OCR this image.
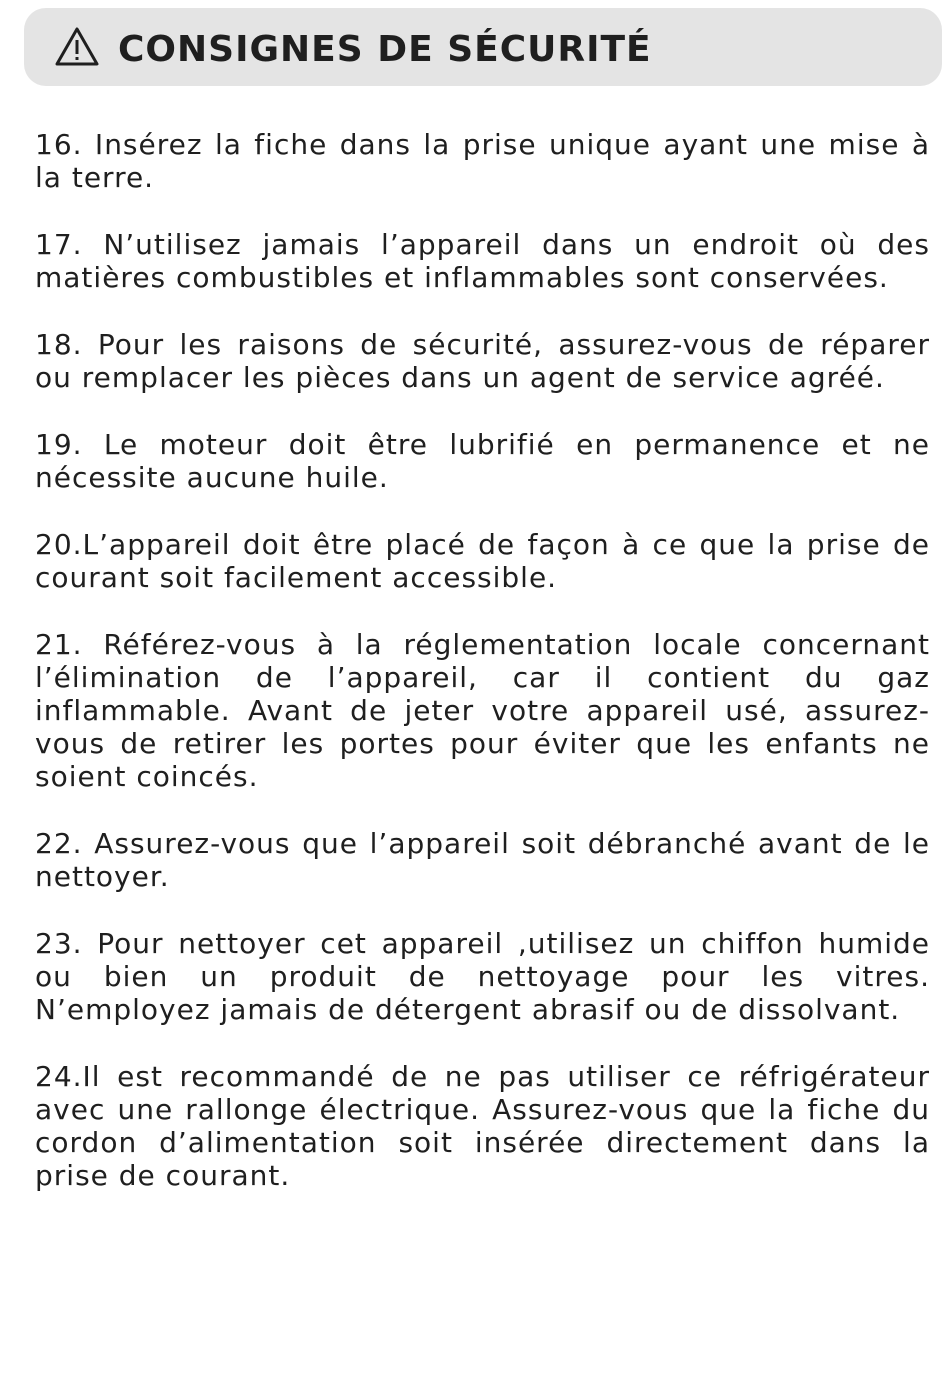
CONSIGNES DE SÉCURITÉ

16. Insérez la fiche dans la prise unique ayant une mise à la terre.

17. N’utilisez jamais l’appareil dans un endroit où des matières combustibles et inflammables sont conservées.

18. Pour les raisons de sécurité, assurez-vous de réparer ou remplacer les pièces dans un agent de service agréé.

19. Le moteur doit être lubrifié en permanence et ne nécessite aucune huile.

20.L’appareil doit être placé de façon à ce que la prise de courant soit facilement accessible.

21. Référez-vous à la réglementation locale concernant l’élimination de l’appareil, car il contient du gaz inflammable. Avant de jeter votre appareil usé, assurez-vous de retirer les portes pour éviter que les enfants ne soient coincés.

22. Assurez-vous que l’appareil soit débranché avant de le nettoyer.

23. Pour nettoyer cet appareil ,utilisez un chiffon humide ou bien un produit de nettoyage pour les vitres. N’employez jamais de détergent abrasif ou de dissolvant.

24.Il est recommandé de ne pas utiliser ce réfrigérateur avec une rallonge électrique. Assurez-vous que la fiche du cordon d’alimentation soit insérée directement dans la prise de courant.
